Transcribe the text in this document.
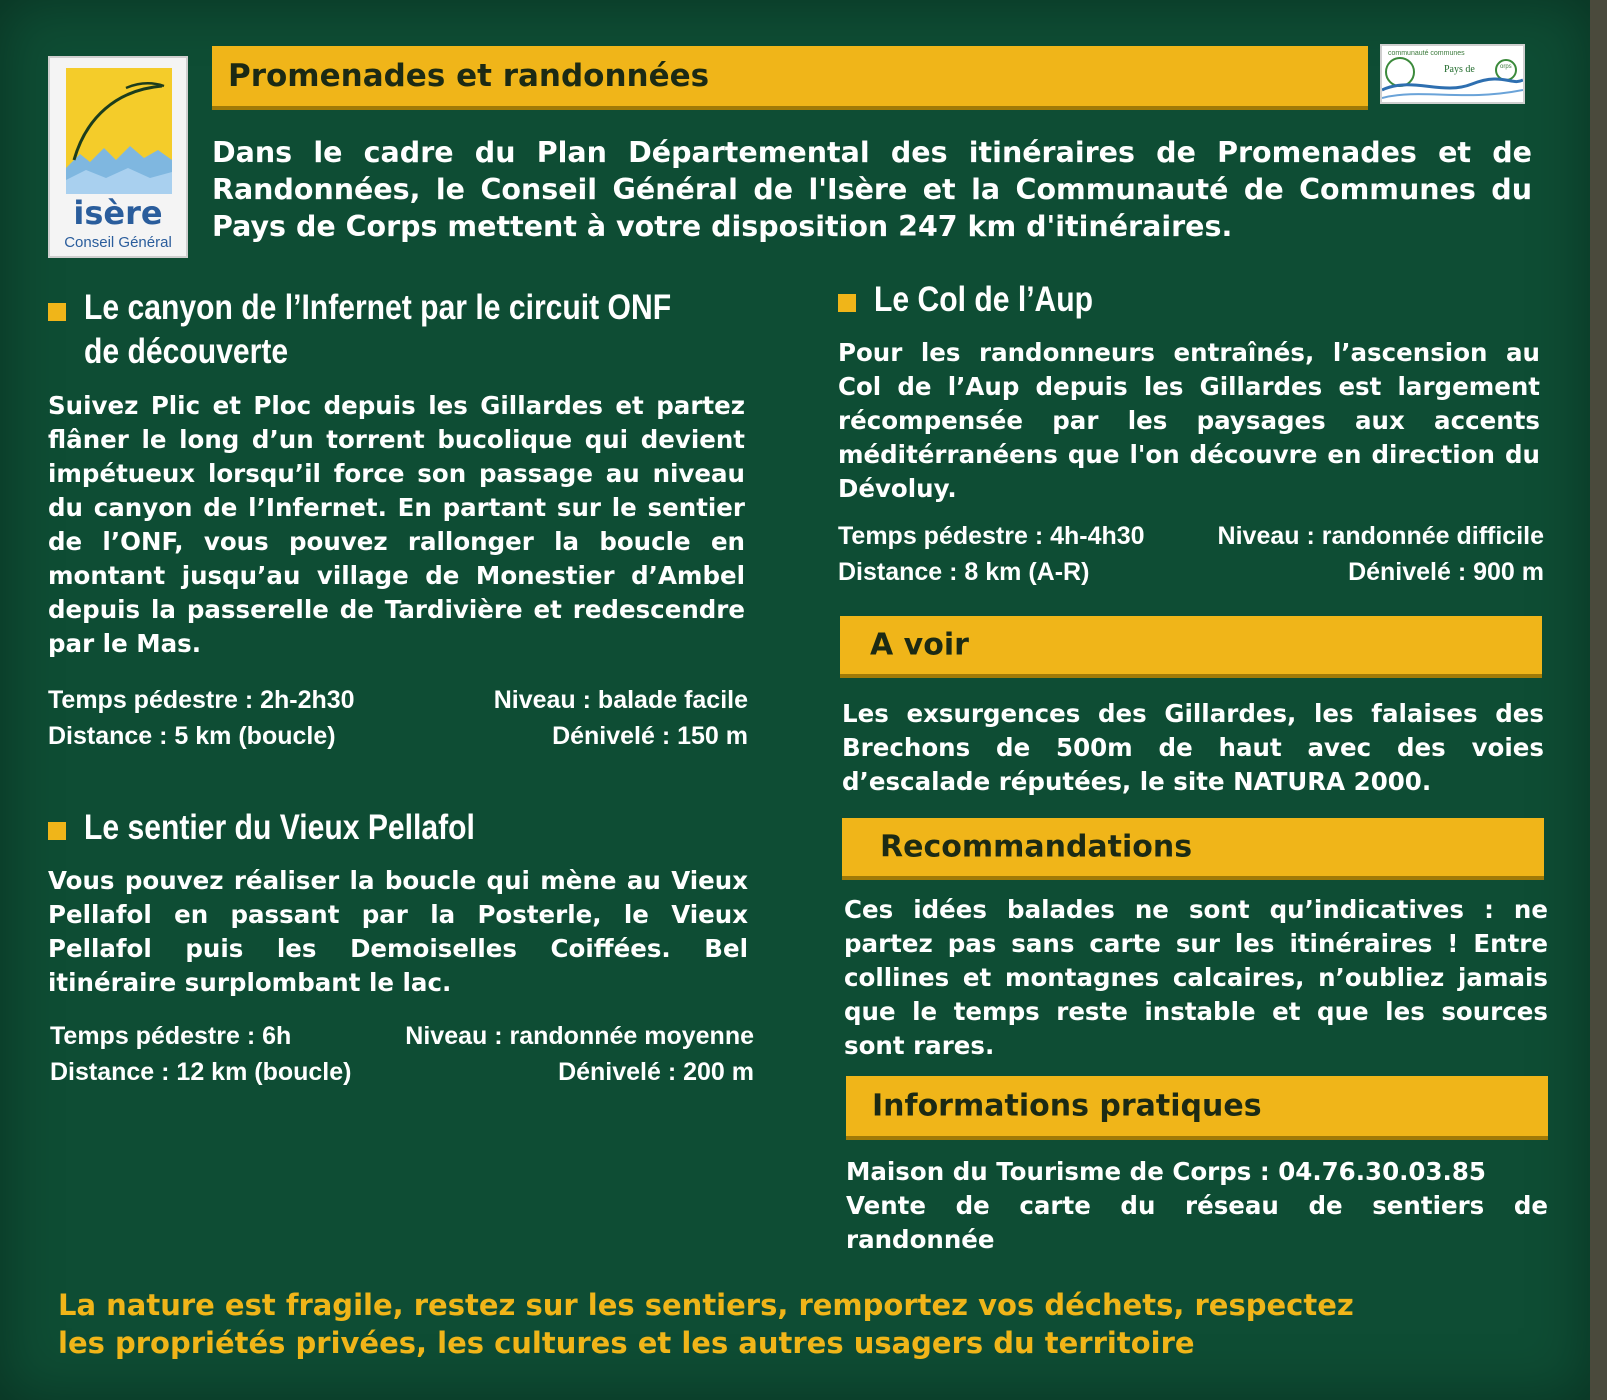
isère
Conseil Général
Promenades et randonnées
communauté communes
Pays de	orps
Dans le cadre du Plan Départemental des itinéraires de Promenades et de Randonnées, le Conseil Général de l'Isère et la Communauté de Communes du Pays de Corps mettent à votre disposition 247 km d'itinéraires.
Le canyon de l’Infernet par le circuit ONF
de découverte
Suivez Plic et Ploc depuis les Gillardes et partez flâner le long d’un torrent bucolique qui devient impétueux lorsqu’il force son passage au niveau du canyon de l’Infernet. En partant sur le sentier de l’ONF, vous pouvez rallonger la boucle en montant jusqu’au village de Monestier d’Ambel depuis la passerelle de Tardivière et redescendre par le Mas.
Temps pédestre : 2h-2h30	Niveau : balade facile
Distance : 5 km (boucle)	Dénivelé : 150 m
Le sentier du Vieux Pellafol
Vous pouvez réaliser la boucle qui mène au Vieux Pellafol en passant par la Posterle, le Vieux Pellafol puis les Demoiselles Coiffées. Bel itinéraire surplombant le lac.
Temps pédestre : 6h	Niveau : randonnée moyenne
Distance : 12 km (boucle)	Dénivelé : 200 m
Le Col de l’Aup
Pour les randonneurs entraînés, l’ascension au Col de l’Aup depuis les Gillardes est largement récompensée par les paysages aux accents méditérranéens que l'on découvre en direction du Dévoluy.
Temps pédestre : 4h-4h30	Niveau : randonnée difficile
Distance : 8 km (A-R)	Dénivelé : 900 m
A voir
Les exsurgences des Gillardes, les falaises des Brechons de 500m de haut avec des voies d’escalade réputées, le site NATURA 2000.
Recommandations
Ces idées balades ne sont qu’indicatives : ne partez pas sans carte sur les itinéraires ! Entre collines et montagnes calcaires, n’oubliez jamais que le temps reste instable et que les sources sont rares.
Informations pratiques
Maison du Tourisme de Corps : 04.76.30.03.85
Vente de carte du réseau de sentiers de randonnée
La nature est fragile, restez sur les sentiers, remportez vos déchets, respectez
les propriétés privées, les cultures et les autres usagers du territoire
